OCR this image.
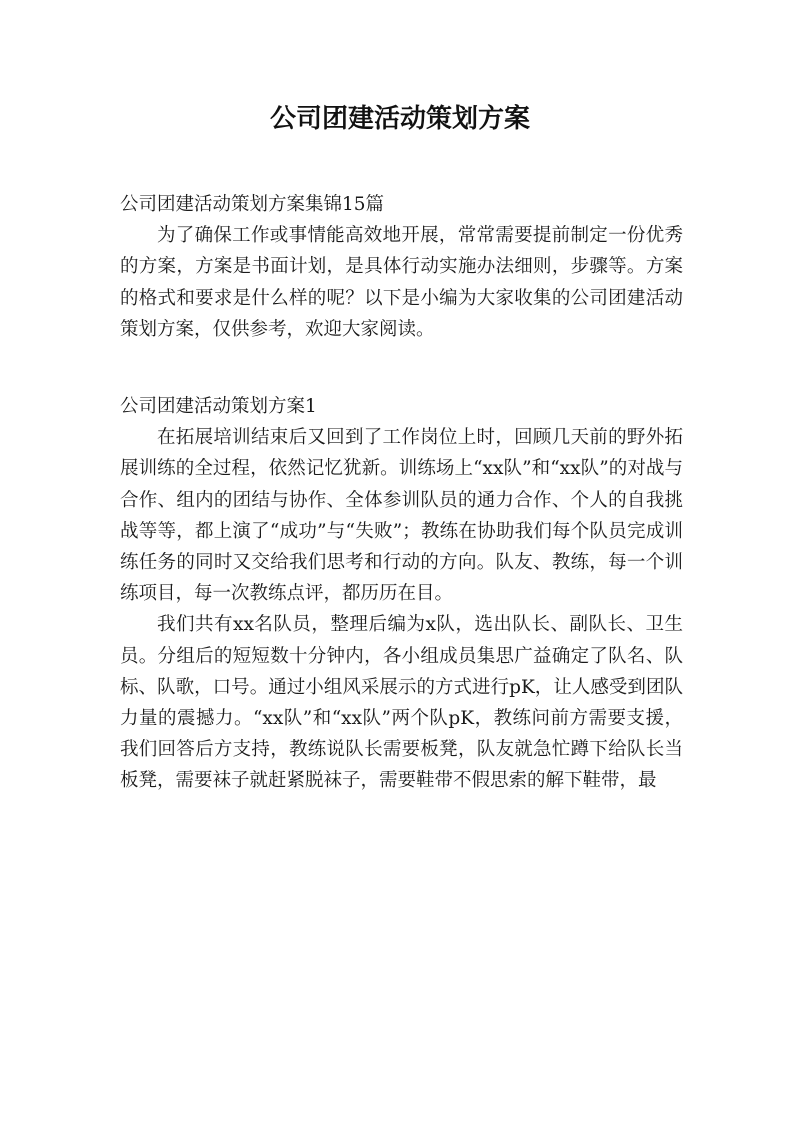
公司团建活动策划方案

公司团建活动策划方案集锦15篇

为了确保工作或事情能高效地开展，常常需要提前制定一份优秀的方案，方案是书面计划，是具体行动实施办法细则，步骤等。方案的格式和要求是什么样的呢？以下是小编为大家收集的公司团建活动策划方案，仅供参考，欢迎大家阅读。

公司团建活动策划方案1

在拓展培训结束后又回到了工作岗位上时，回顾几天前的野外拓展训练的全过程，依然记忆犹新。训练场上“xx队”和“xx队”的对战与合作、组内的团结与协作、全体参训队员的通力合作、个人的自我挑战等等，都上演了“成功”与“失败”；教练在协助我们每个队员完成训练任务的同时又交给我们思考和行动的方向。队友、教练，每一个训练项目，每一次教练点评，都历历在目。

我们共有xx名队员，整理后编为x队，选出队长、副队长、卫生员。分组后的短短数十分钟内，各小组成员集思广益确定了队名、队标、队歌，口号。通过小组风采展示的方式进行pK，让人感受到团队力量的震撼力。“xx队”和“xx队”两个队pK，教练问前方需要支援，我们回答后方支持，教练说队长需要板凳，队友就急忙蹲下给队长当板凳，需要袜子就赶紧脱袜子，需要鞋带不假思索的解下鞋带，最
